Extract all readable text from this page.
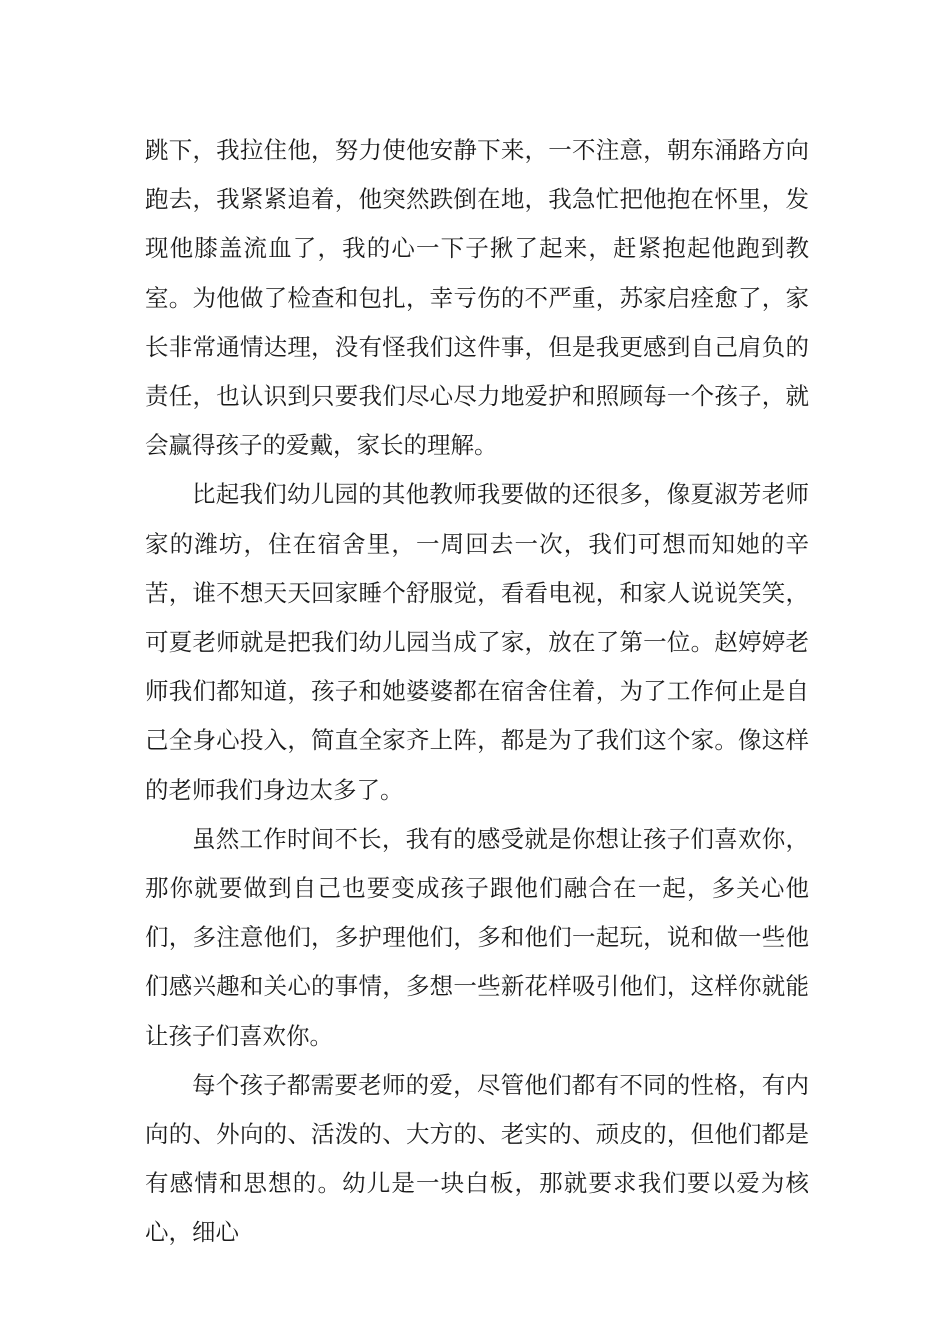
跳下，我拉住他，努力使他安静下来，一不注意，朝东涌路方向跑去，我紧紧追着，他突然跌倒在地，我急忙把他抱在怀里，发现他膝盖流血了，我的心一下子揪了起来，赶紧抱起他跑到教室。为他做了检查和包扎，幸亏伤的不严重，苏家启痊愈了，家长非常通情达理，没有怪我们这件事，但是我更感到自己肩负的责任，也认识到只要我们尽心尽力地爱护和照顾每一个孩子，就会赢得孩子的爱戴，家长的理解。

比起我们幼儿园的其他教师我要做的还很多，像夏淑芳老师家的潍坊，住在宿舍里，一周回去一次，我们可想而知她的辛苦，谁不想天天回家睡个舒服觉，看看电视，和家人说说笑笑，可夏老师就是把我们幼儿园当成了家，放在了第一位。赵婷婷老师我们都知道，孩子和她婆婆都在宿舍住着，为了工作何止是自己全身心投入，简直全家齐上阵，都是为了我们这个家。像这样的老师我们身边太多了。

虽然工作时间不长，我有的感受就是你想让孩子们喜欢你，那你就要做到自己也要变成孩子跟他们融合在一起，多关心他们，多注意他们，多护理他们，多和他们一起玩，说和做一些他们感兴趣和关心的事情，多想一些新花样吸引他们，这样你就能让孩子们喜欢你。

每个孩子都需要老师的爱，尽管他们都有不同的性格，有内向的、外向的、活泼的、大方的、老实的、顽皮的，但他们都是有感情和思想的。幼儿是一块白板，那就要求我们要以爱为核心，细心
